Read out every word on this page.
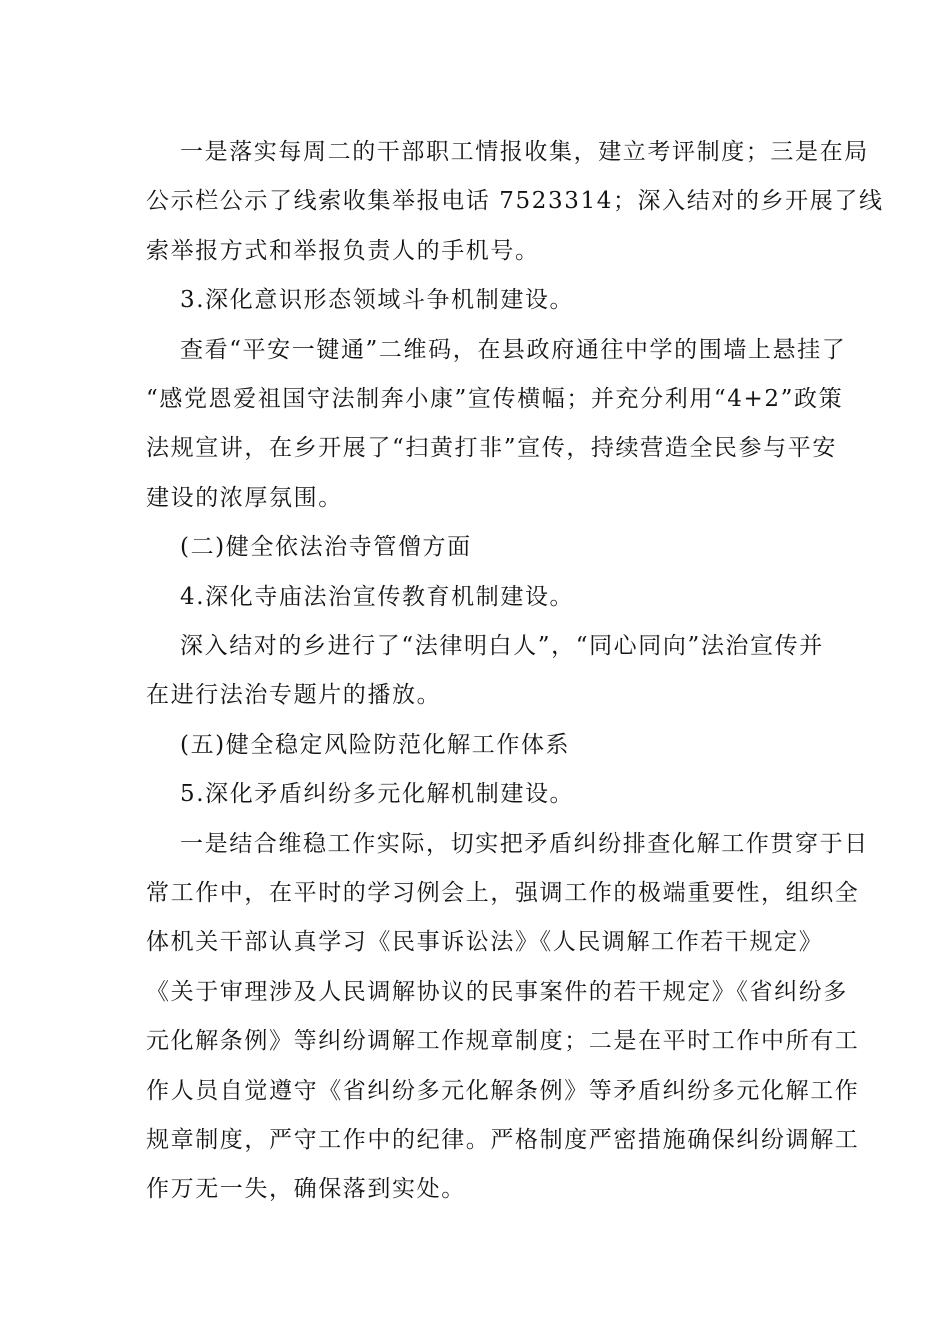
一是落实每周二的干部职工情报收集，建立考评制度；三是在局
公示栏公示了线索收集举报电话 7523314；深入结对的乡开展了线
索举报方式和举报负责人的手机号。
3.深化意识形态领域斗争机制建设。
查看“平安一键通”二维码，在县政府通往中学的围墙上悬挂了
“感党恩爱祖国守法制奔小康”宣传横幅；并充分利用“4+2”政策
法规宣讲，在乡开展了“扫黄打非”宣传，持续营造全民参与平安
建设的浓厚氛围。
(二)健全依法治寺管僧方面
4.深化寺庙法治宣传教育机制建设。
深入结对的乡进行了“法律明白人”，“同心同向”法治宣传并
在进行法治专题片的播放。
(五)健全稳定风险防范化解工作体系
5.深化矛盾纠纷多元化解机制建设。
一是结合维稳工作实际，切实把矛盾纠纷排查化解工作贯穿于日
常工作中，在平时的学习例会上，强调工作的极端重要性，组织全
体机关干部认真学习《民事诉讼法》《人民调解工作若干规定》
《关于审理涉及人民调解协议的民事案件的若干规定》《省纠纷多
元化解条例》等纠纷调解工作规章制度；二是在平时工作中所有工
作人员自觉遵守《省纠纷多元化解条例》等矛盾纠纷多元化解工作
规章制度，严守工作中的纪律。严格制度严密措施确保纠纷调解工
作万无一失，确保落到实处。
